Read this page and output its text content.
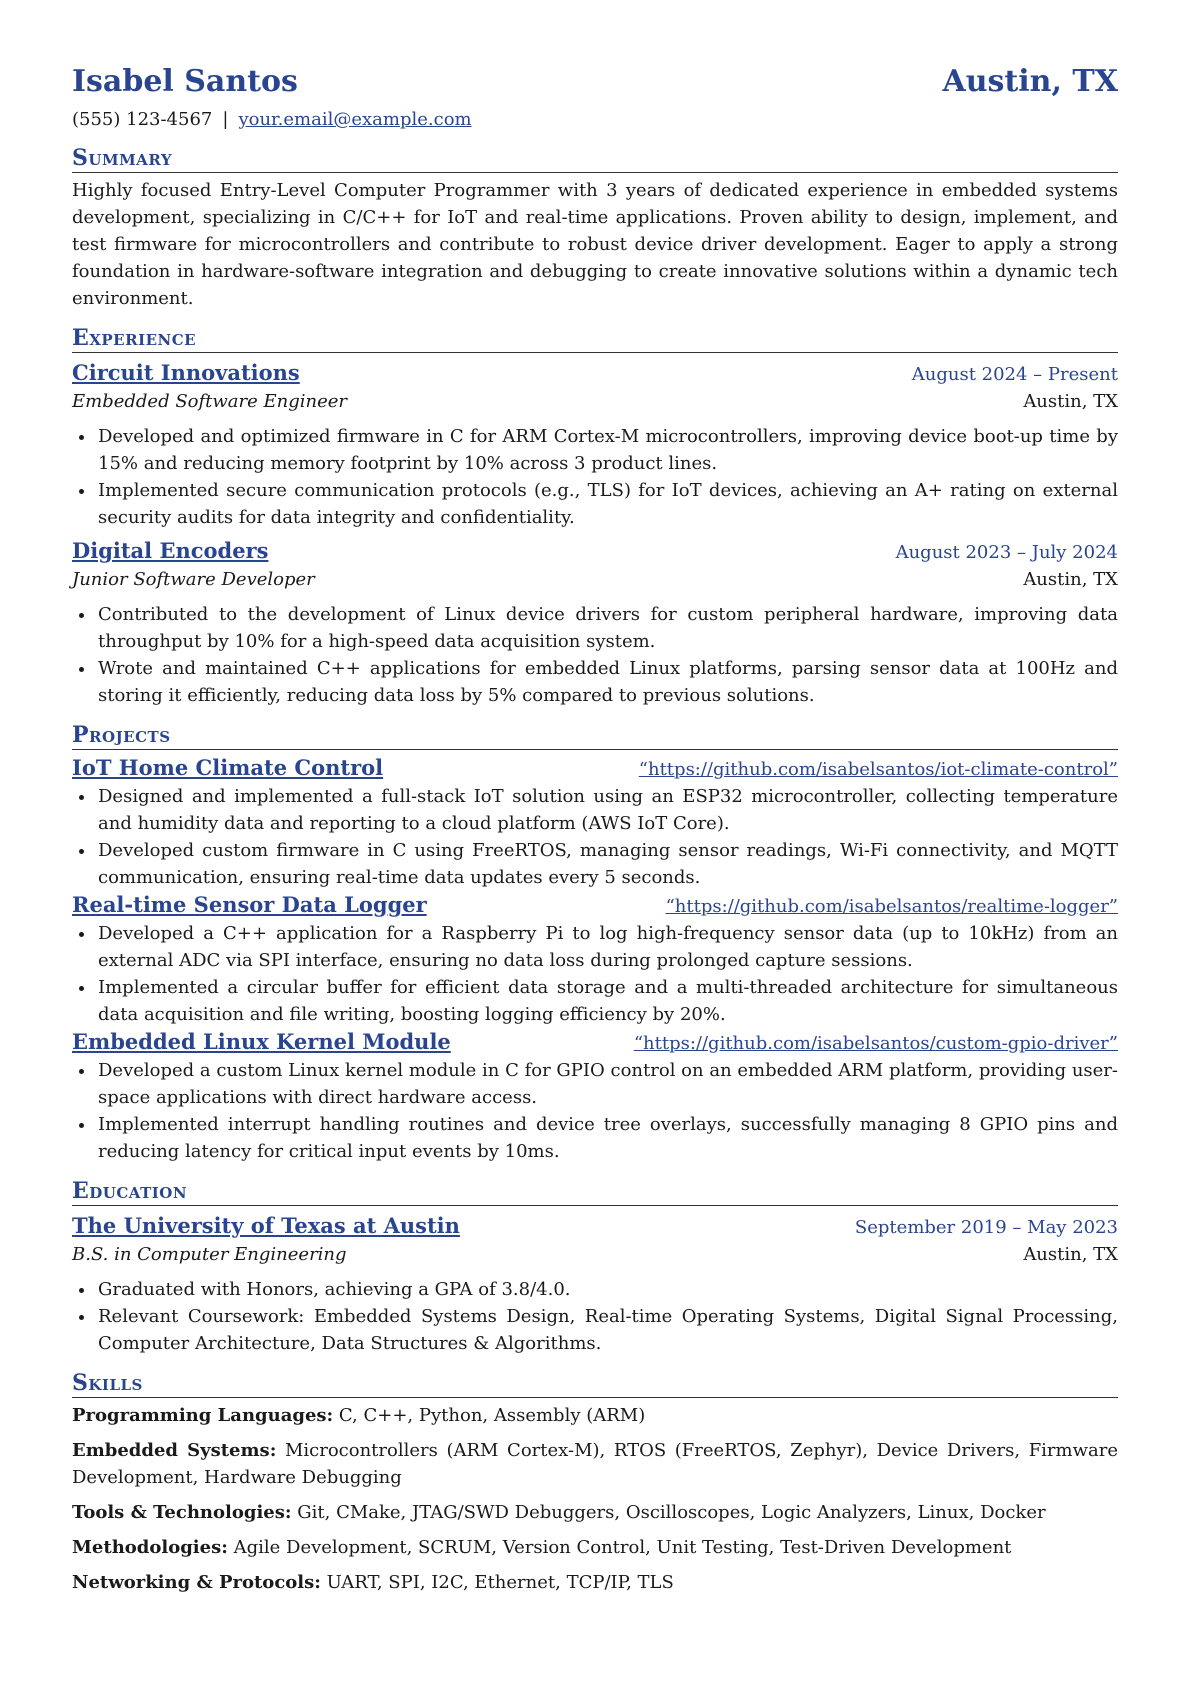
Isabel Santos	Austin, TX
(555) 123-4567 | your.email@example.com
Summary
Highly focused Entry-Level Computer Programmer with 3 years of dedicated experience in embedded systems development, specializing in C/C++ for IoT and real-time applications. Proven ability to design, implement, and test firmware for microcontrollers and contribute to robust device driver development. Eager to apply a strong foundation in hardware-software integration and debugging to create innovative solutions within a dynamic tech environment.
Experience
Circuit Innovations	August 2024 – Present
Embedded Software Engineer	Austin, TX
• Developed and optimized firmware in C for ARM Cortex-M microcontrollers, improving device boot-up time by 15% and reducing memory footprint by 10% across 3 product lines.
• Implemented secure communication protocols (e.g., TLS) for IoT devices, achieving an A+ rating on external security audits for data integrity and confidentiality.
Digital Encoders	August 2023 – July 2024
Junior Software Developer	Austin, TX
• Contributed to the development of Linux device drivers for custom peripheral hardware, improving data throughput by 10% for a high-speed data acquisition system.
• Wrote and maintained C++ applications for embedded Linux platforms, parsing sensor data at 100Hz and storing it efficiently, reducing data loss by 5% compared to previous solutions.
Projects
IoT Home Climate Control	“https://github.com/isabelsantos/iot-climate-control”
• Designed and implemented a full-stack IoT solution using an ESP32 microcontroller, collecting temperature and humidity data and reporting to a cloud platform (AWS IoT Core).
• Developed custom firmware in C using FreeRTOS, managing sensor readings, Wi-Fi connectivity, and MQTT communication, ensuring real-time data updates every 5 seconds.
Real-time Sensor Data Logger	“https://github.com/isabelsantos/realtime-logger”
• Developed a C++ application for a Raspberry Pi to log high-frequency sensor data (up to 10kHz) from an external ADC via SPI interface, ensuring no data loss during prolonged capture sessions.
• Implemented a circular buffer for efficient data storage and a multi-threaded architecture for simultaneous data acquisition and file writing, boosting logging efficiency by 20%.
Embedded Linux Kernel Module	“https://github.com/isabelsantos/custom-gpio-driver”
• Developed a custom Linux kernel module in C for GPIO control on an embedded ARM platform, providing user-space applications with direct hardware access.
• Implemented interrupt handling routines and device tree overlays, successfully managing 8 GPIO pins and reducing latency for critical input events by 10ms.
Education
The University of Texas at Austin	September 2019 – May 2023
B.S. in Computer Engineering	Austin, TX
• Graduated with Honors, achieving a GPA of 3.8/4.0.
• Relevant Coursework: Embedded Systems Design, Real-time Operating Systems, Digital Signal Processing, Computer Architecture, Data Structures & Algorithms.
Skills
Programming Languages: C, C++, Python, Assembly (ARM)
Embedded Systems: Microcontrollers (ARM Cortex-M), RTOS (FreeRTOS, Zephyr), Device Drivers, Firmware Development, Hardware Debugging
Tools & Technologies: Git, CMake, JTAG/SWD Debuggers, Oscilloscopes, Logic Analyzers, Linux, Docker
Methodologies: Agile Development, SCRUM, Version Control, Unit Testing, Test-Driven Development
Networking & Protocols: UART, SPI, I2C, Ethernet, TCP/IP, TLS
